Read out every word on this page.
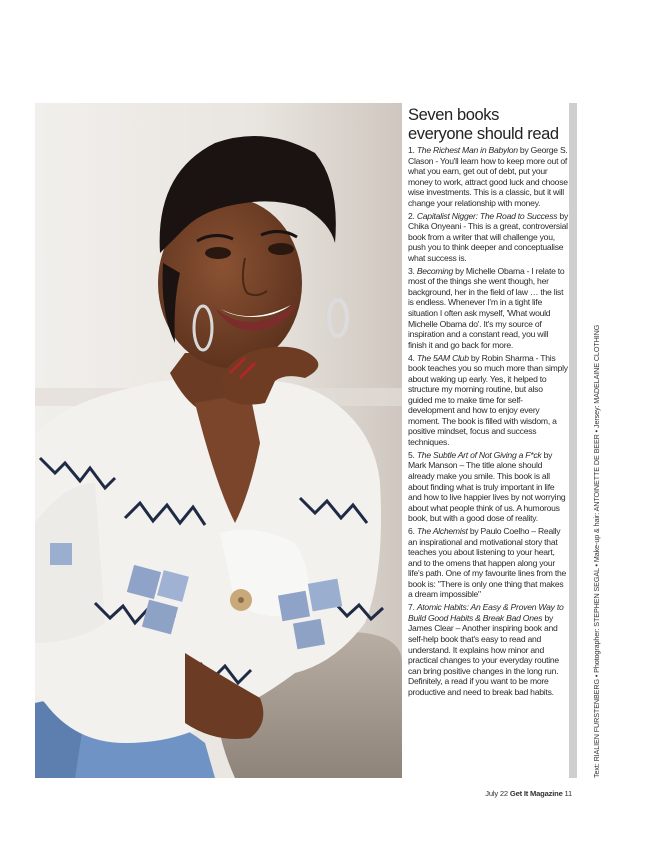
Seven books
everyone should read

1. The Richest Man in Babylon by George S. Clason - You'll learn how to keep more out of what you earn, get out of debt, put your money to work, attract good luck and choose wise investments. This is a classic, but it will change your relationship with money.

2. Capitalist Nigger: The Road to Success by Chika Onyeani - This is a great, controversial book from a writer that will challenge you, push you to think deeper and conceptualise what success is.

3. Becoming by Michelle Obama - I relate to most of the things she went though, her background, her in the field of law … the list is endless. Whenever I'm in a tight life situation I often ask myself, 'What would Michelle Obama do'. It's my source of inspiration and a constant read, you will finish it and go back for more.

4. The 5AM Club by Robin Sharma - This book teaches you so much more than simply about waking up early. Yes, it helped to structure my morning routine, but also guided me to make time for self-development and how to enjoy every moment. The book is filled with wisdom, a positive mindset, focus and success techniques.

5. The Subtle Art of Not Giving a F*ck by Mark Manson – The title alone should already make you smile. This book is all about finding what is truly important in life and how to live happier lives by not worrying about what people think of us. A humorous book, but with a good dose of reality.

6. The Alchemist by Paulo Coelho – Really an inspirational and motivational story that teaches you about listening to your heart, and to the omens that happen along your life's path. One of my favourite lines from the book is: "There is only one thing that makes a dream impossible"

7. Atomic Habits: An Easy & Proven Way to Build Good Habits & Break Bad Ones by James Clear – Another inspiring book and self-help book that's easy to read and understand. It explains how minor and practical changes to your everyday routine can bring positive changes in the long run. Definitely, a read if you want to be more productive and need to break bad habits.	Text: RIALIEN FURSTENBERG • Photographer: STEPHEN SEGAL • Make-up & hair: ANTOINETTE DE BEER • Jersey: MADELAINE CLOTHING
July 22 Get It Magazine 11
